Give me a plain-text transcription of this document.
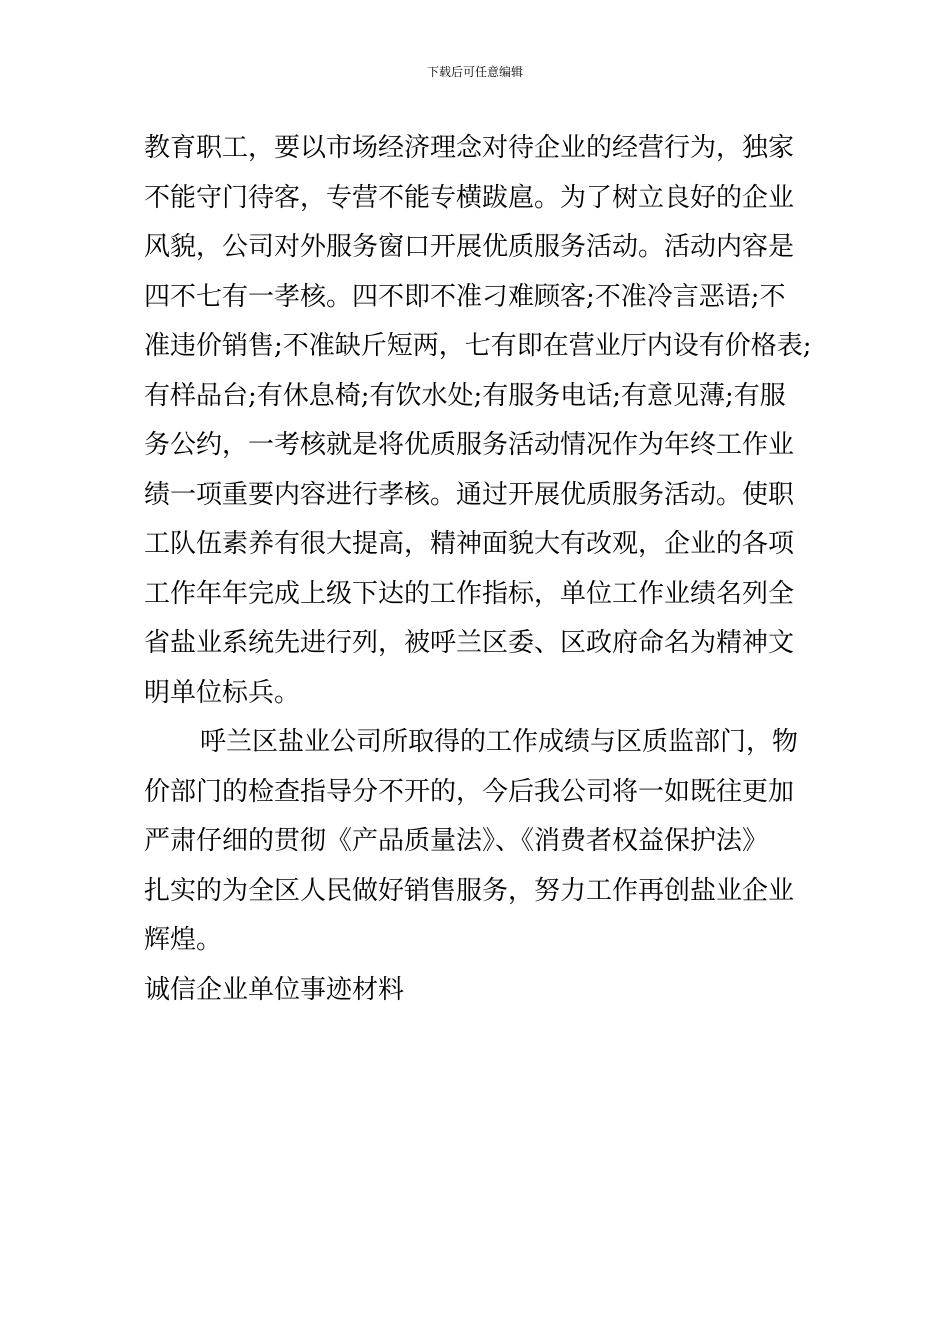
下载后可任意编辑
教育职工，要以市场经济理念对待企业的经营行为，独家
不能守门待客，专营不能专横跋扈。为了树立良好的企业
风貌，公司对外服务窗口开展优质服务活动。活动内容是
四不七有一孝核。四不即不准刁难顾客;不准冷言恶语;不
准违价销售;不准缺斤短两，七有即在营业厅内设有价格表;
有样品台;有休息椅;有饮水处;有服务电话;有意见薄;有服
务公约，一考核就是将优质服务活动情况作为年终工作业
绩一项重要内容进行孝核。通过开展优质服务活动。使职
工队伍素养有很大提高，精神面貌大有改观，企业的各项
工作年年完成上级下达的工作指标，单位工作业绩名列全
省盐业系统先进行列，被呼兰区委、区政府命名为精神文
明单位标兵。
呼兰区盐业公司所取得的工作成绩与区质监部门，物
价部门的检查指导分不开的，今后我公司将一如既往更加
严肃仔细的贯彻《产品质量法》、《消费者权益保护法》
扎实的为全区人民做好销售服务，努力工作再创盐业企业
辉煌。
诚信企业单位事迹材料
